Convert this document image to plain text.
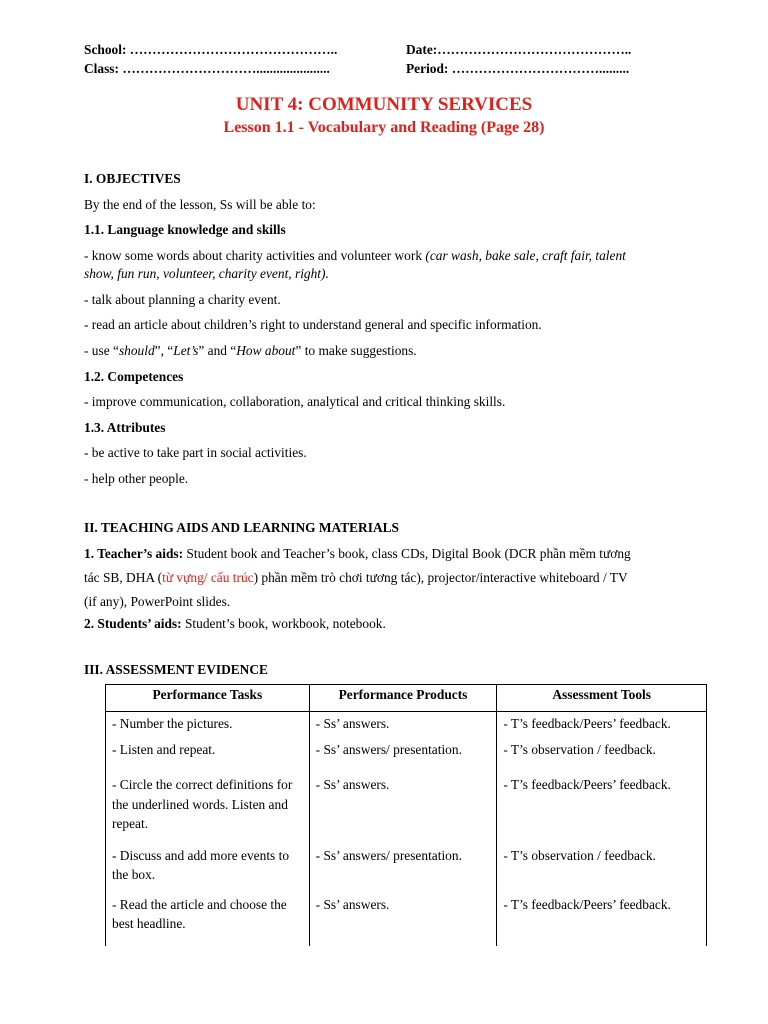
School: ………………………………………..	Date:……………………………………..
Class: …………………………......................	Period: …………………………….........
UNIT 4: COMMUNITY SERVICES
Lesson 1.1 - Vocabulary and Reading (Page 28)
I. OBJECTIVES
By the end of the lesson, Ss will be able to:
1.1. Language knowledge and skills
- know some words about charity activities and volunteer work (car wash, bake sale, craft fair, talent
show, fun run, volunteer, charity event, right).
- talk about planning a charity event.
- read an article about children’s right to understand general and specific information.
- use “should”, “Let’s” and “How about” to make suggestions.
1.2. Competences
- improve communication, collaboration, analytical and critical thinking skills.
1.3. Attributes
- be active to take part in social activities.
- help other people.
II. TEACHING AIDS AND LEARNING MATERIALS
1. Teacher’s aids: Student book and Teacher’s book, class CDs, Digital Book (DCR phần mềm tương
tác SB, DHA (từ vựng/ cấu trúc) phần mềm trò chơi tương tác), projector/interactive whiteboard / TV
(if any), PowerPoint slides.
2. Students’ aids: Student’s book, workbook, notebook.
III. ASSESSMENT EVIDENCE
Performance Tasks	Performance Products	Assessment Tools
- Number the pictures.	- Ss’ answers.	- T’s feedback/Peers’ feedback.
- Listen and repeat.	- Ss’ answers/ presentation.	- T’s observation / feedback.
- Circle the correct definitions for the underlined words. Listen and repeat.	- Ss’ answers.	- T’s feedback/Peers’ feedback.
- Discuss and add more events to the box.	- Ss’ answers/ presentation.	- T’s observation / feedback.
- Read the article and choose the best headline.	- Ss’ answers.	- T’s feedback/Peers’ feedback.
